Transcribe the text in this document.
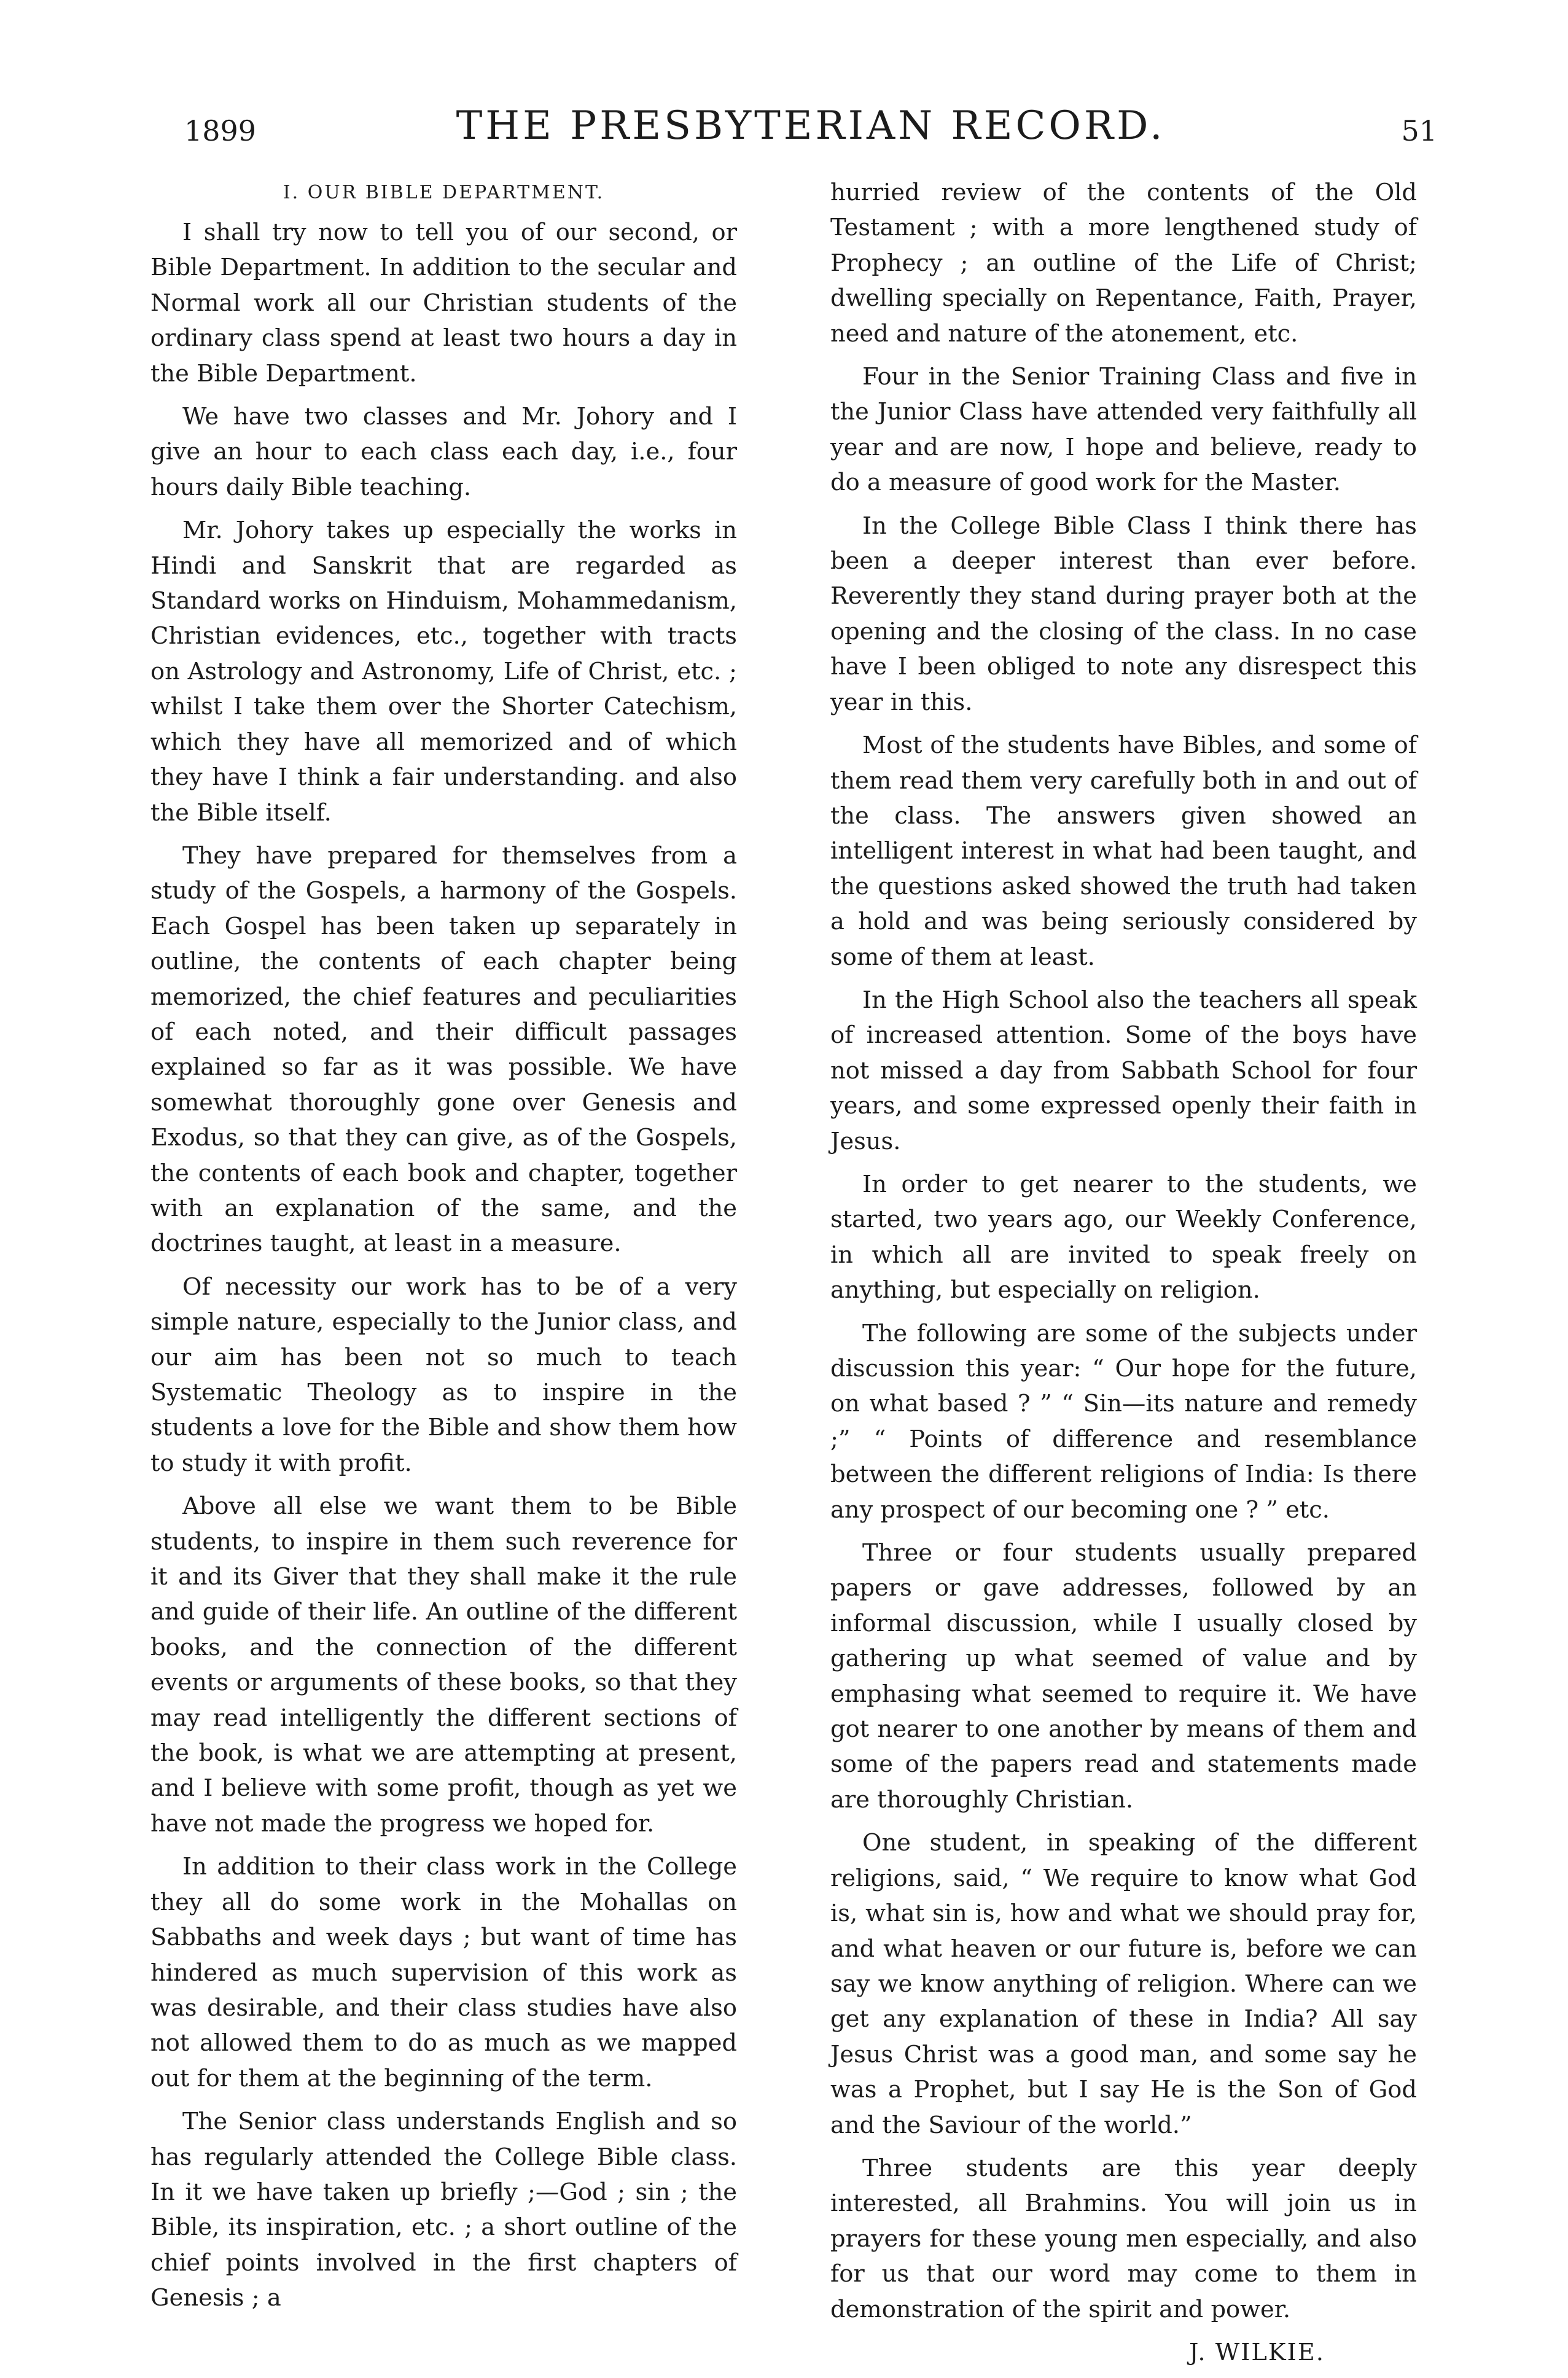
1899	THE PRESBYTERIAN RECORD.	51
I. OUR BIBLE DEPARTMENT.

I shall try now to tell you of our second, or Bible Department. In addition to the secular and Normal work all our Christian students of the ordinary class spend at least two hours a day in the Bible Department.

We have two classes and Mr. Johory and I give an hour to each class each day, i.e., four hours daily Bible teaching.

Mr. Johory takes up especially the works in Hindi and Sanskrit that are regarded as Standard works on Hinduism, Mohammedanism, Christian evidences, etc., together with tracts on Astrology and Astronomy, Life of Christ, etc. ; whilst I take them over the Shorter Catechism, which they have all memorized and of which they have I think a fair understanding. and also the Bible itself.

They have prepared for themselves from a study of the Gospels, a harmony of the Gospels. Each Gospel has been taken up separately in outline, the contents of each chapter being memorized, the chief features and peculiarities of each noted, and their difficult passages explained so far as it was possible. We have somewhat thoroughly gone over Genesis and Exodus, so that they can give, as of the Gospels, the contents of each book and chapter, together with an explanation of the same, and the doctrines taught, at least in a measure.

Of necessity our work has to be of a very simple nature, especially to the Junior class, and our aim has been not so much to teach Systematic Theology as to inspire in the students a love for the Bible and show them how to study it with profit.

Above all else we want them to be Bible students, to inspire in them such reverence for it and its Giver that they shall make it the rule and guide of their life. An outline of the different books, and the connection of the different events or arguments of these books, so that they may read intelligently the different sections of the book, is what we are attempting at present, and I believe with some profit, though as yet we have not made the progress we hoped for.

In addition to their class work in the College they all do some work in the Mohallas on Sabbaths and week days ; but want of time has hindered as much supervision of this work as was desirable, and their class studies have also not allowed them to do as much as we mapped out for them at the beginning of the term.

The Senior class understands English and so has regularly attended the College Bible class. In it we have taken up briefly ;—God ; sin ; the Bible, its inspiration, etc. ; a short outline of the chief points involved in the first chapters of Genesis ; a

hurried review of the contents of the Old Testament ; with a more lengthened study of Prophecy ; an outline of the Life of Christ; dwelling specially on Repentance, Faith, Prayer, need and nature of the atonement, etc.

Four in the Senior Training Class and five in the Junior Class have attended very faithfully all year and are now, I hope and believe, ready to do a measure of good work for the Master.

In the College Bible Class I think there has been a deeper interest than ever before. Reverently they stand during prayer both at the opening and the closing of the class. In no case have I been obliged to note any disrespect this year in this.

Most of the students have Bibles, and some of them read them very carefully both in and out of the class. The answers given showed an intelligent interest in what had been taught, and the questions asked showed the truth had taken a hold and was being seriously considered by some of them at least.

In the High School also the teachers all speak of increased attention. Some of the boys have not missed a day from Sabbath School for four years, and some expressed openly their faith in Jesus.

In order to get nearer to the students, we started, two years ago, our Weekly Conference, in which all are invited to speak freely on anything, but especially on religion.

The following are some of the subjects under discussion this year: “ Our hope for the future, on what based ? ” “ Sin—its nature and remedy ;” “ Points of difference and resemblance between the different religions of India: Is there any prospect of our becoming one ? ” etc.

Three or four students usually prepared papers or gave addresses, followed by an informal discussion, while I usually closed by gathering up what seemed of value and by emphasing what seemed to require it. We have got nearer to one another by means of them and some of the papers read and statements made are thoroughly Christian.

One student, in speaking of the different religions, said, “ We require to know what God is, what sin is, how and what we should pray for, and what heaven or our future is, before we can say we know anything of religion. Where can we get any explanation of these in India? All say Jesus Christ was a good man, and some say he was a Prophet, but I say He is the Son of God and the Saviour of the world.”

Three students are this year deeply interested, all Brahmins. You will join us in prayers for these young men especially, and also for us that our word may come to them in demonstration of the spirit and power.

J. WILKIE.
